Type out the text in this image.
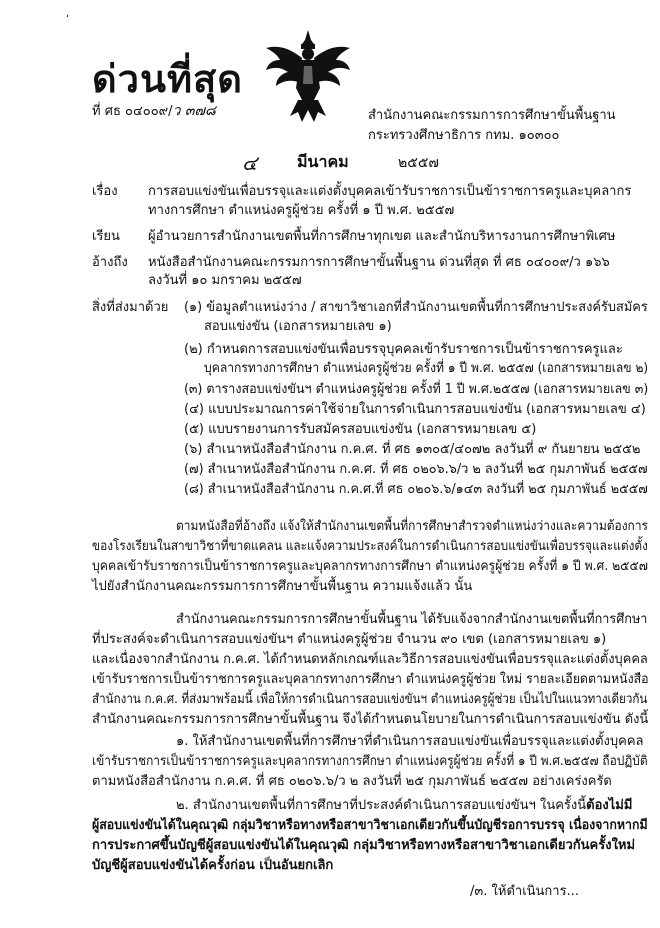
ʻ
ด่วนที่สุด
ที่ ศธ ๐๔๐๐๙/ว ๓๗๘	สำนักงานคณะกรรมการการศึกษาขั้นพื้นฐาน
กระทรวงศึกษาธิการ กทม. ๑๐๓๐๐
๔ มีนาคม	๒๕๕๗
เรื่อง การสอบแข่งขันเพื่อบรรจุและแต่งตั้งบุคคลเข้ารับราชการเป็นข้าราชการครูและบุคลากร
ทางการศึกษา ตำแหน่งครูผู้ช่วย ครั้งที่ ๑ ปี พ.ศ. ๒๕๕๗
เรียน ผู้อำนวยการสำนักงานเขตพื้นที่การศึกษาทุกเขต และสำนักบริหารงานการศึกษาพิเศษ
อ้างถึง หนังสือสำนักงานคณะกรรมการการศึกษาขั้นพื้นฐาน ด่วนที่สุด ที่ ศธ ๐๔๐๐๙/ว ๑๖๖
ลงวันที่ ๑๐ มกราคม ๒๕๕๗
สิ่งที่ส่งมาด้วย (๑) ข้อมูลตำแหน่งว่าง / สาขาวิชาเอกที่สำนักงานเขตพื้นที่การศึกษาประสงค์รับสมัคร
สอบแข่งขัน (เอกสารหมายเลข ๑)
(๒) กำหนดการสอบแข่งขันเพื่อบรรจุบุคคลเข้ารับราชการเป็นข้าราชการครูและ
บุคลากรทางการศึกษา ตำแหน่งครูผู้ช่วย ครั้งที่ ๑ ปี พ.ศ. ๒๕๕๗ (เอกสารหมายเลข ๒)
(๓) ตารางสอบแข่งขันฯ ตำแหน่งครูผู้ช่วย ครั้งที่ 1 ปี พ.ศ.๒๕๕๗ (เอกสารหมายเลข ๓)
(๔) แบบประมาณการค่าใช้จ่ายในการดำเนินการสอบแข่งขัน (เอกสารหมายเลข ๔)
(๕) แบบรายงานการรับสมัครสอบแข่งขัน (เอกสารหมายเลข ๕)
(๖) สำเนาหนังสือสำนักงาน ก.ค.ศ. ที่ ศธ ๑๓๐๕/๔๐๗๒ ลงวันที่ ๙ กันยายน ๒๕๕๒
(๗) สำเนาหนังสือสำนักงาน ก.ค.ศ. ที่ ศธ ๐๒๐๖.๖/ว ๒ ลงวันที่ ๒๕ กุมภาพันธ์ ๒๕๕๗
(๘) สำเนาหนังสือสำนักงาน ก.ค.ศ.ที่ ศธ ๐๒๐๖.๖/๑๔๓ ลงวันที่ ๒๕ กุมภาพันธ์ ๒๕๕๗
ตามหนังสือที่อ้างถึง แจ้งให้สำนักงานเขตพื้นที่การศึกษาสำรวจตำแหน่งว่างและความต้องการ
ของโรงเรียนในสาขาวิชาที่ขาดแคลน และแจ้งความประสงค์ในการดำเนินการสอบแข่งขันเพื่อบรรจุและแต่งตั้ง
บุคคลเข้ารับราชการเป็นข้าราชการครูและบุคลากรทางการศึกษา ตำแหน่งครูผู้ช่วย ครั้งที่ ๑ ปี พ.ศ. ๒๕๕๗
ไปยังสำนักงานคณะกรรมการการศึกษาขั้นพื้นฐาน ความแจ้งแล้ว นั้น
สำนักงานคณะกรรมการการศึกษาขั้นพื้นฐาน ได้รับแจ้งจากสำนักงานเขตพื้นที่การศึกษา
ที่ประสงค์จะดำเนินการสอบแข่งขันฯ ตำแหน่งครูผู้ช่วย จำนวน ๙๐ เขต (เอกสารหมายเลข ๑)
และเนื่องจากสำนักงาน ก.ค.ศ. ได้กำหนดหลักเกณฑ์และวิธีการสอบแข่งขันเพื่อบรรจุและแต่งตั้งบุคคล
เข้ารับราชการเป็นข้าราชการครูและบุคลากรทางการศึกษา ตำแหน่งครูผู้ช่วย ใหม่ รายละเอียดตามหนังสือ
สำนักงาน ก.ค.ศ. ที่ส่งมาพร้อมนี้ เพื่อให้การดำเนินการสอบแข่งขันฯ ตำแหน่งครูผู้ช่วย เป็นไปในแนวทางเดียวกัน
สำนักงานคณะกรรมการการศึกษาขั้นพื้นฐาน จึงได้กำหนดนโยบายในการดำเนินการสอบแข่งขัน ดังนี้
๑. ให้สำนักงานเขตพื้นที่การศึกษาที่ดำเนินการสอบแข่งขันเพื่อบรรจุและแต่งตั้งบุคคล
เข้ารับราชการเป็นข้าราชการครูและบุคลากรทางการศึกษา ตำแหน่งครูผู้ช่วย ครั้งที่ ๑ ปี พ.ศ.๒๕๕๗ ถือปฏิบัติ
ตามหนังสือสำนักงาน ก.ค.ศ. ที่ ศธ ๐๒๐๖.๖/ว ๒ ลงวันที่ ๒๕ กุมภาพันธ์ ๒๕๕๗ อย่างเคร่งครัด
๒. สำนักงานเขตพื้นที่การศึกษาที่ประสงค์ดำเนินการสอบแข่งขันฯ ในครั้งนี้ต้องไม่มี
ผู้สอบแข่งขันได้ในคุณวุฒิ กลุ่มวิชาหรือทางหรือสาขาวิชาเอกเดียวกันขึ้นบัญชีรอการบรรจุ เนื่องจากหากมี
การประกาศขึ้นบัญชีผู้สอบแข่งขันได้ในคุณวุฒิ กลุ่มวิชาหรือทางหรือสาขาวิชาเอกเดียวกันครั้งใหม่
บัญชีผู้สอบแข่งขันได้ครั้งก่อน เป็นอันยกเลิก
/๓. ให้ดำเนินการ...
